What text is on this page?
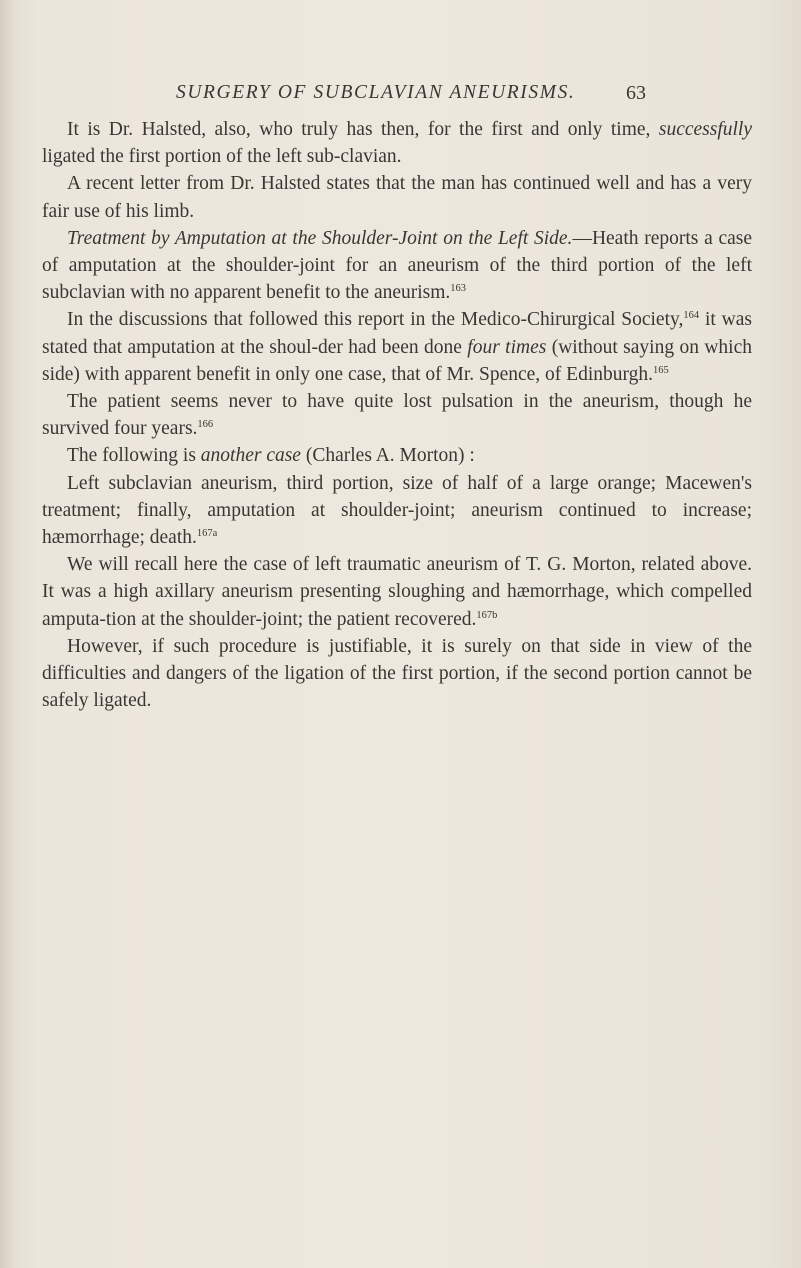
SURGERY OF SUBCLAVIAN ANEURISMS.	63

It is Dr. Halsted, also, who truly has then, for the first and only time, successfully ligated the first portion of the left sub-clavian.

A recent letter from Dr. Halsted states that the man has continued well and has a very fair use of his limb.

Treatment by Amputation at the Shoulder-Joint on the Left Side.—Heath reports a case of amputation at the shoulder-joint for an aneurism of the third portion of the left subclavian with no apparent benefit to the aneurism.$^{163}$

In the discussions that followed this report in the Medico-Chirurgical Society,$^{164}$ it was stated that amputation at the shoul-der had been done four times (without saying on which side) with apparent benefit in only one case, that of Mr. Spence, of Edinburgh.$^{165}$

The patient seems never to have quite lost pulsation in the aneurism, though he survived four years.$^{166}$

The following is another case (Charles A. Morton) :

Left subclavian aneurism, third portion, size of half of a large orange; Macewen's treatment; finally, amputation at shoulder-joint; aneurism continued to increase; hæmorrhage; death.$^{167a}$

We will recall here the case of left traumatic aneurism of T. G. Morton, related above. It was a high axillary aneurism presenting sloughing and hæmorrhage, which compelled amputa-tion at the shoulder-joint; the patient recovered.$^{167b}$

However, if such procedure is justifiable, it is surely on that side in view of the difficulties and dangers of the ligation of the first portion, if the second portion cannot be safely ligated.
